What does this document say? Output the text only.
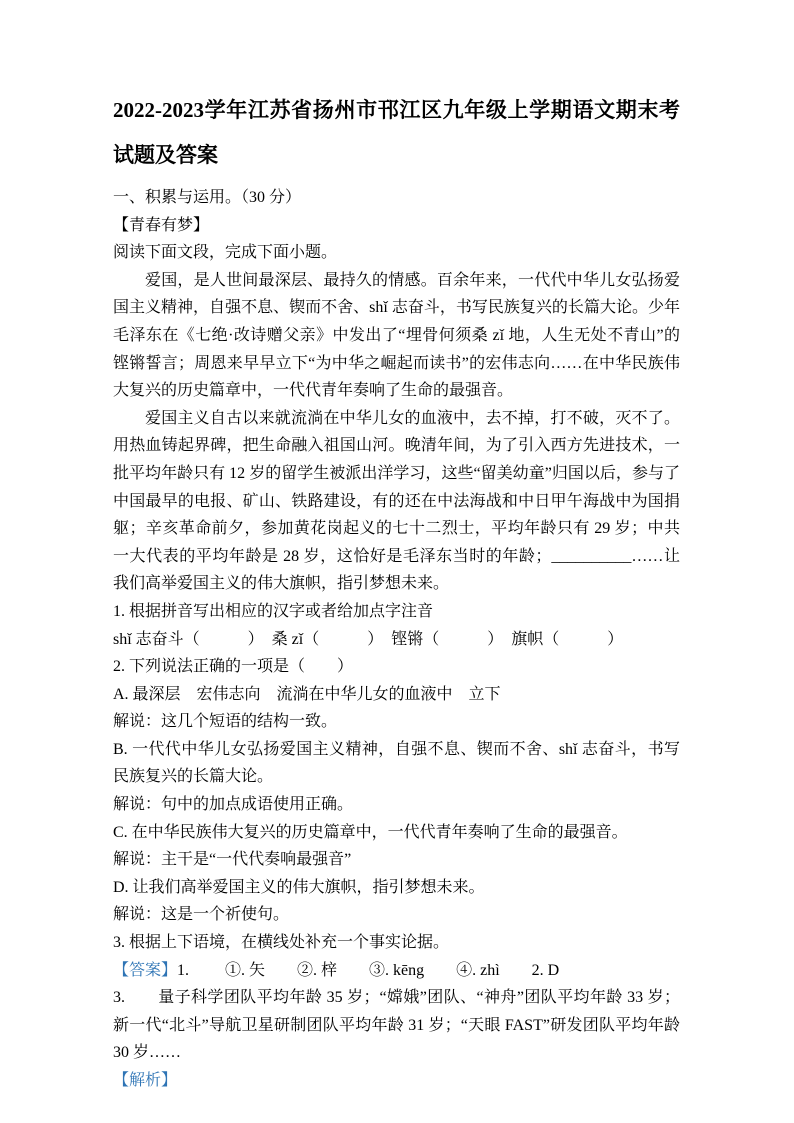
2022-2023学年江苏省扬州市邗江区九年级上学期语文期末考试题及答案

一、积累与运用。（30 分）

【青春有梦】

阅读下面文段，完成下面小题。

爱国，是人世间最深层、最持久的情感。百余年来，一代代中华儿女弘扬爱国主义精神，自强不息、锲而不舍、shǐ 志奋斗，书写民族复兴的长篇大论。少年毛泽东在《七绝·改诗赠父亲》中发出了“埋骨何须桑 zǐ 地，人生无处不青山”的铿锵誓言；周恩来早早立下“为中华之崛起而读书”的宏伟志向……在中华民族伟大复兴的历史篇章中，一代代青年奏响了生命的最强音。

爱国主义自古以来就流淌在中华儿女的血液中，去不掉，打不破，灭不了。用热血铸起界碑，把生命融入祖国山河。晚清年间，为了引入西方先进技术，一批平均年龄只有 12 岁的留学生被派出洋学习，这些“留美幼童”归国以后，参与了中国最早的电报、矿山、铁路建设，有的还在中法海战和中日甲午海战中为国捐躯；辛亥革命前夕，参加黄花岗起义的七十二烈士，平均年龄只有 29 岁；中共一大代表的平均年龄是 28 岁，这恰好是毛泽东当时的年龄；__________……让我们高举爱国主义的伟大旗帜，指引梦想未来。

1. 根据拼音写出相应的汉字或者给加点字注音

shǐ 志奋斗（　　　）　桑 zǐ（　　　）　铿锵（　　　）　旗帜（　　　）

2. 下列说法正确的一项是（　　）

A. 最深层　宏伟志向　流淌在中华儿女的血液中　立下

解说：这几个短语的结构一致。

B. 一代代中华儿女弘扬爱国主义精神，自强不息、锲而不舍、shǐ 志奋斗，书写民族复兴的长篇大论。

解说：句中的加点成语使用正确。

C. 在中华民族伟大复兴的历史篇章中，一代代青年奏响了生命的最强音。

解说：主干是“一代代奏响最强音”

D. 让我们高举爱国主义的伟大旗帜，指引梦想未来。

解说：这是一个祈使句。

3. 根据上下语境，在横线处补充一个事实论据。

【答案】1. 　　①. 矢　　②. 梓　　③. kēng　　④. zhì　　2. D

3.　　量子科学团队平均年龄 35 岁；“嫦娥”团队、“神舟”团队平均年龄 33 岁；新一代“北斗”导航卫星研制团队平均年龄 31 岁；“天眼 FAST”研发团队平均年龄 30 岁……

【解析】
